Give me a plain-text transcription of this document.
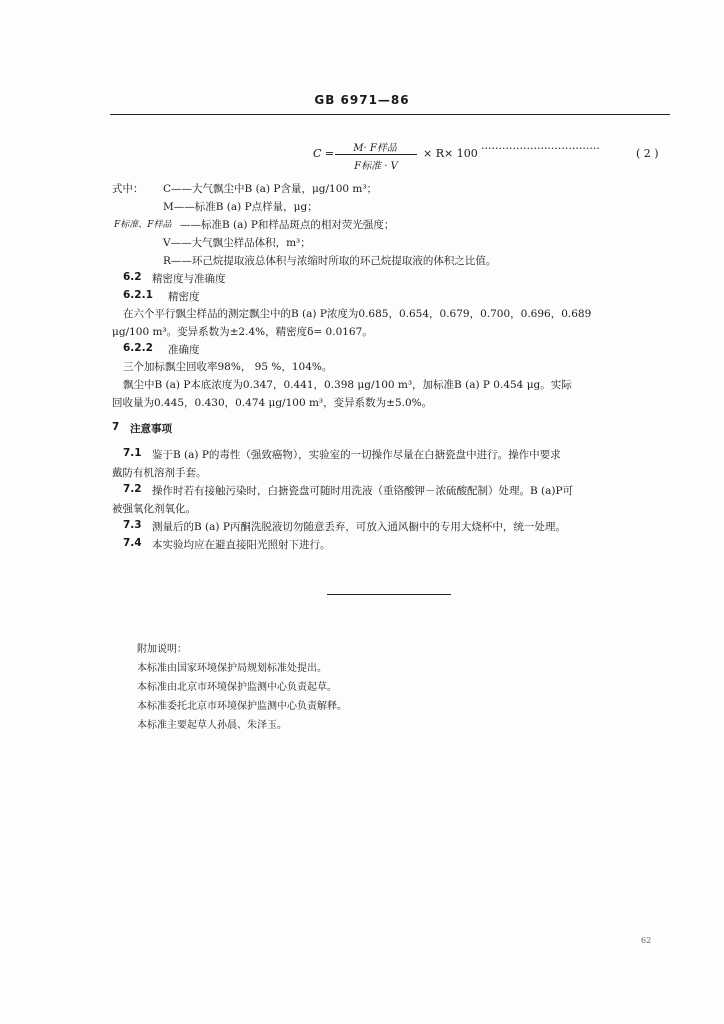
GB 6971—86
M· F样品
C =
F标准 · V
× R× 100 ··································	( 2 )
式中： C——大气飘尘中B (a) P含量，μg/100 m³；
M——标准B (a) P点样量，μg；
F标准、F样品 ——标准B (a) P和样品斑点的相对荧光强度；
V——大气飘尘样品体积，m³；
R——环己烷提取液总体积与浓缩时所取的环己烷提取液的体积之比值。
6.2 精密度与准确度
6.2.1 精密度
在六个平行飘尘样品的测定飘尘中的B (a) P浓度为0.685，0.654，0.679，0.700，0.696，0.689
μg/100 m³。变异系数为±2.4%，精密度δ= 0.0167。
6.2.2 准确度
三个加标飘尘回收率98%， 95 %，104%。
飘尘中B (a) P本底浓度为0.347，0.441，0.398 μg/100 m³，加标准B (a) P 0.454 μg。实际
回收量为0.445，0.430，0.474 μg/100 m³，变异系数为±5.0%。
7 注意事项
7.1 鉴于B (a) P的毒性（强致癌物），实验室的一切操作尽量在白搪瓷盘中进行。操作中要求
戴防有机溶剂手套。
7.2 操作时若有接触污染时，白搪瓷盘可随时用洗液（重铬酸钾－浓硫酸配制）处理。B (a)P可
被强氧化剂氧化。
7.3 测量后的B (a) P丙酮洗脱液切勿随意丢弃，可放入通风橱中的专用大烧杯中，统一处理。
7.4 本实验均应在避直接阳光照射下进行。
附加说明：
本标准由国家环境保护局规划标准处提出。
本标准由北京市环境保护监测中心负责起草。
本标准委托北京市环境保护监测中心负责解释。
本标准主要起草人孙晨、朱泽玉。
62
